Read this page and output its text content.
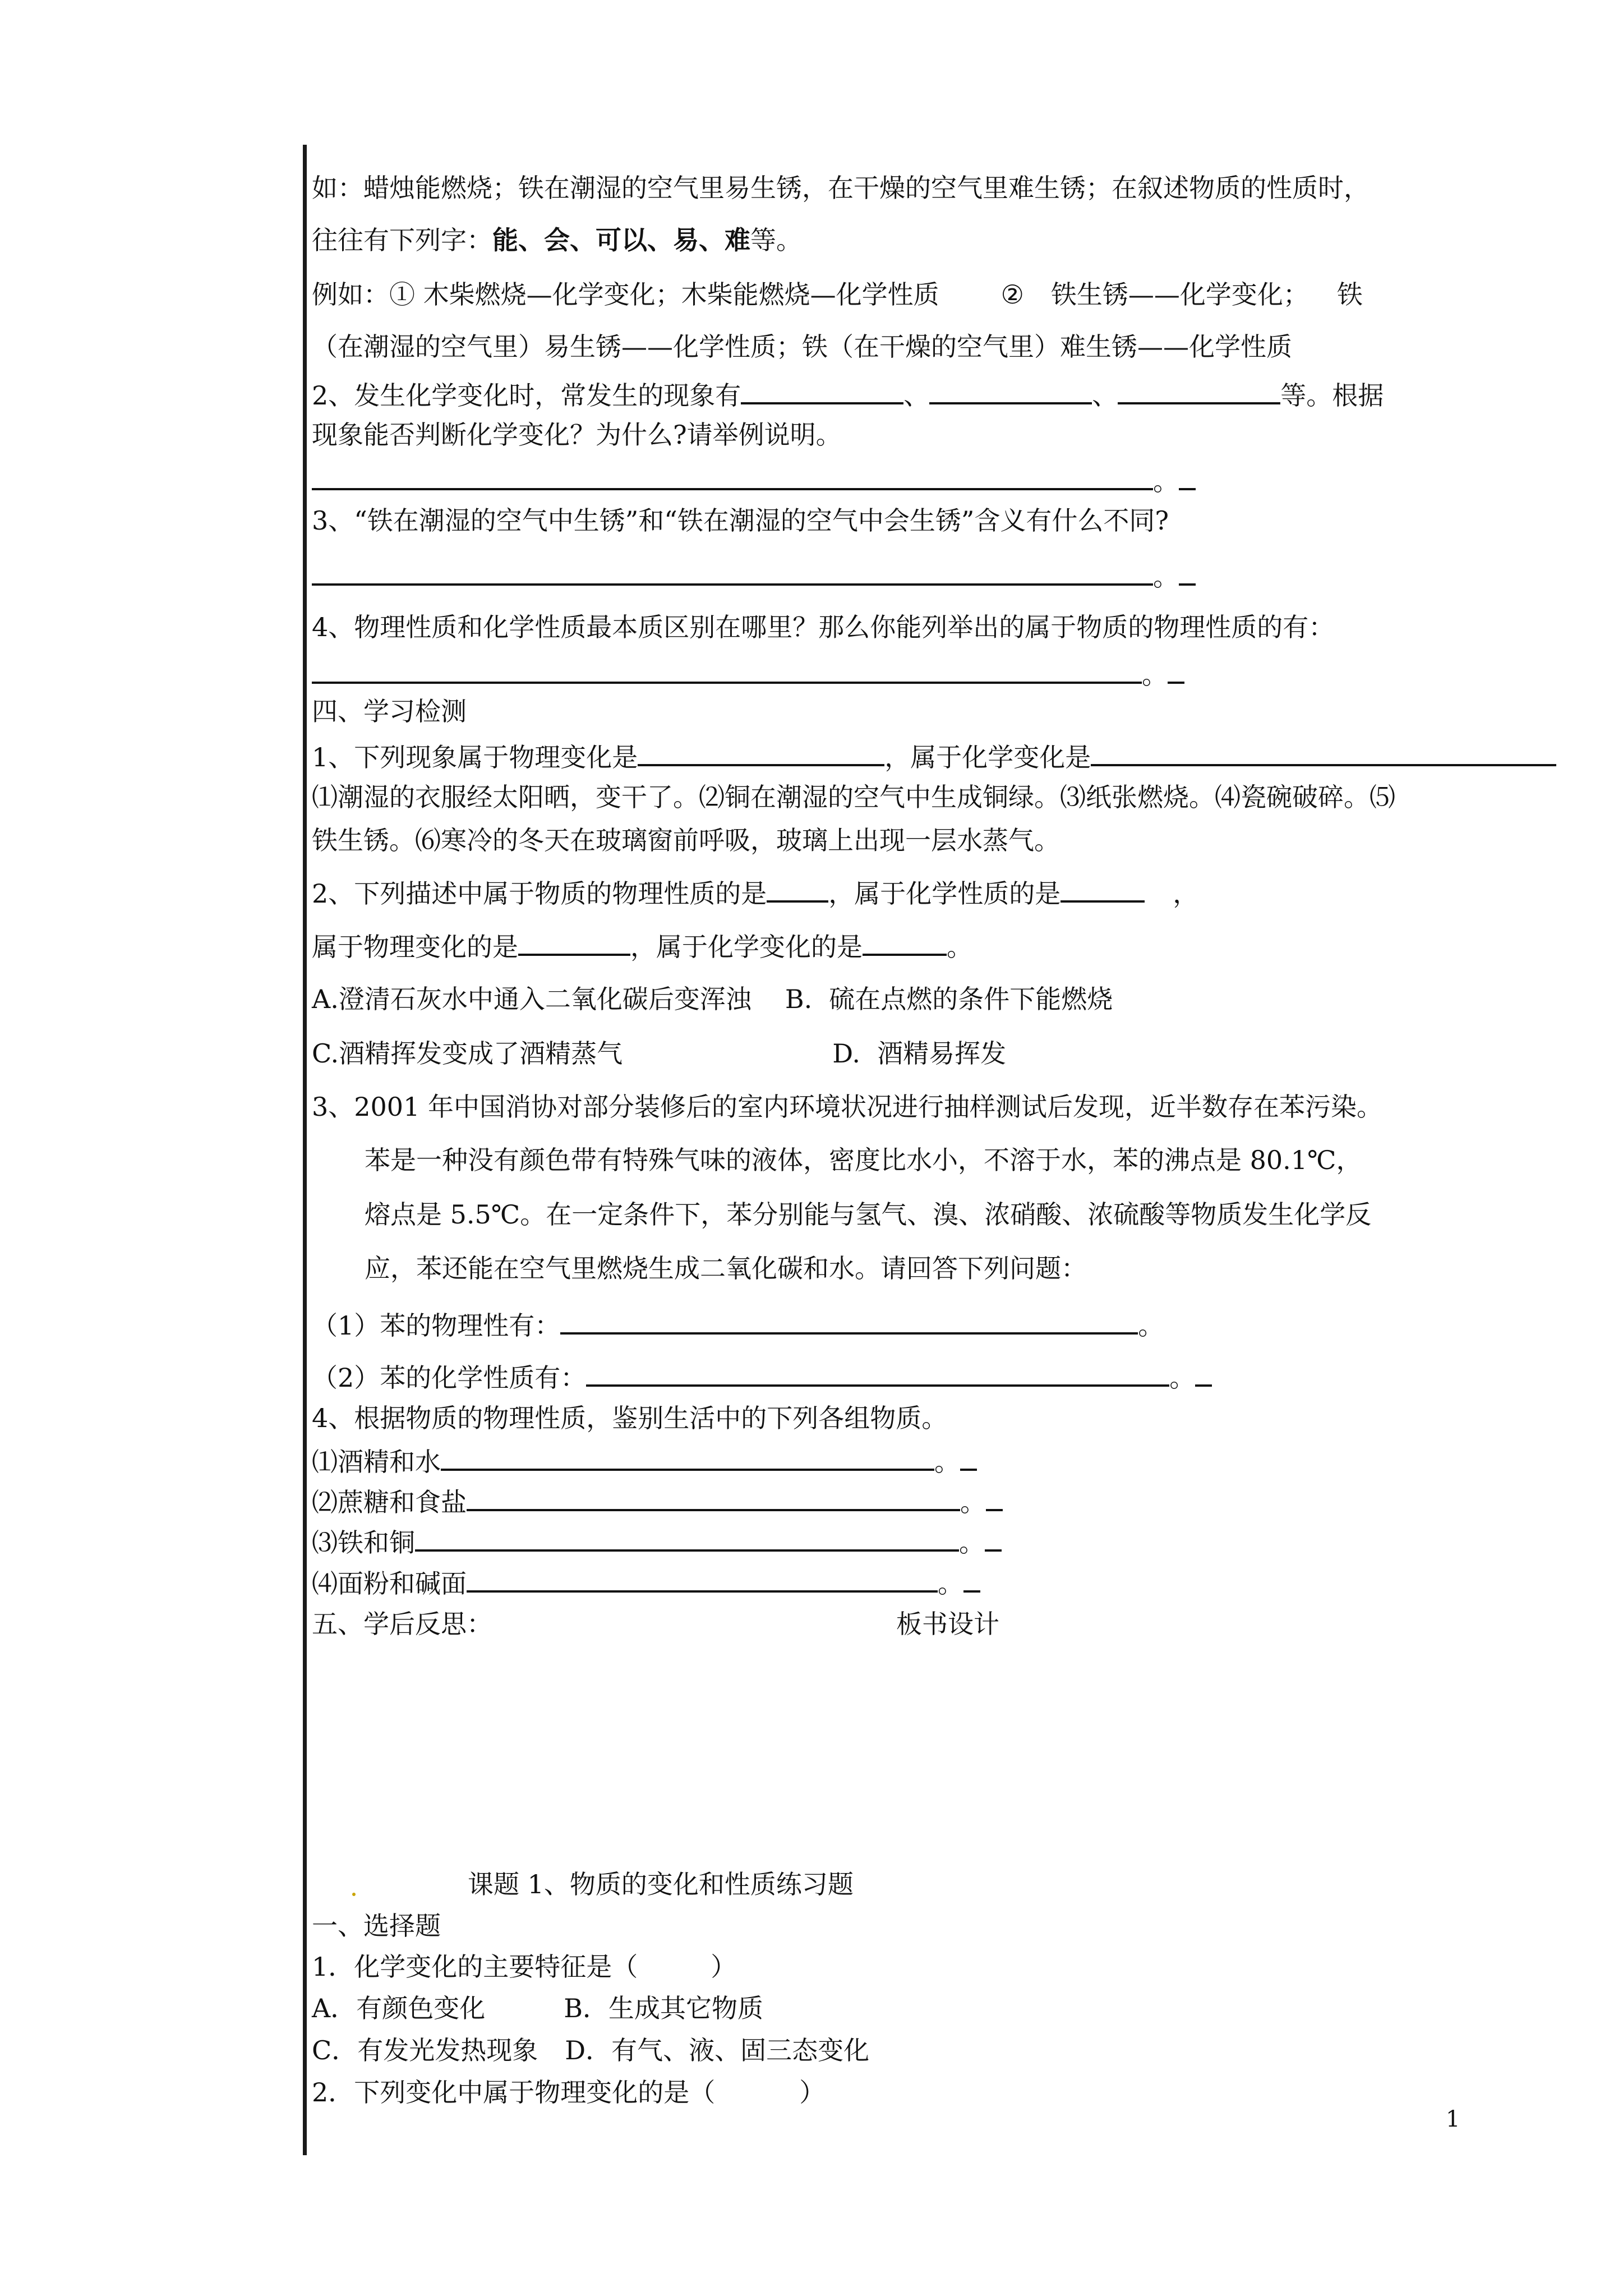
如：蜡烛能燃烧；铁在潮湿的空气里易生锈，在干燥的空气里难生锈；在叙述物质的性质时，
往往有下列字：能、会、可以、易、难等。
例如：① 木柴燃烧—化学变化；木柴能燃烧—化学性质 ② 铁生锈——化学变化； 铁
（在潮湿的空气里）易生锈——化学性质；铁（在干燥的空气里）难生锈——化学性质
2、发生化学变化时，常发生的现象有	、	、	等。根据
现象能否判断化学变化？为什么?请举例说明。
。
3、“铁在潮湿的空气中生锈”和“铁在潮湿的空气中会生锈”含义有什么不同?
。
4、物理性质和化学性质最本质区别在哪里？那么你能列举出的属于物质的物理性质的有：
。
四、学习检测
1、下列现象属于物理变化是	，属于化学变化是
⑴潮湿的衣服经太阳晒，变干了。⑵铜在潮湿的空气中生成铜绿。⑶纸张燃烧。⑷瓷碗破碎。⑸
铁生锈。⑹寒冷的冬天在玻璃窗前呼吸，玻璃上出现一层水蒸气。
2、下列描述中属于物质的物理性质的是 ，属于化学性质的是	，
属于物理变化的是	，属于化学变化的是	。
A.澄清石灰水中通入二氧化碳后变浑浊 B. 硫在点燃的条件下能燃烧
C.酒精挥发变成了酒精蒸气	D. 酒精易挥发
3、2001 年中国消协对部分装修后的室内环境状况进行抽样测试后发现，近半数存在苯污染。
苯是一种没有颜色带有特殊气味的液体，密度比水小，不溶于水，苯的沸点是 80.1℃，
熔点是 5.5℃。在一定条件下，苯分别能与氢气、溴、浓硝酸、浓硫酸等物质发生化学反
应，苯还能在空气里燃烧生成二氧化碳和水。请回答下列问题：
（1）苯的物理性有：	。
（2）苯的化学性质有：	。
4、根据物质的物理性质，鉴别生活中的下列各组物质。
⑴酒精和水	。
⑵蔗糖和食盐	。
⑶铁和铜	。
⑷面粉和碱面	。
五、学后反思：	板书设计
课题 1、物质的变化和性质练习题
一、选择题
1．化学变化的主要特征是（	）
A．有颜色变化	B．生成其它物质
C．有发光发热现象 D．有气、液、固三态变化
2．下列变化中属于物理变化的是（	）
1
